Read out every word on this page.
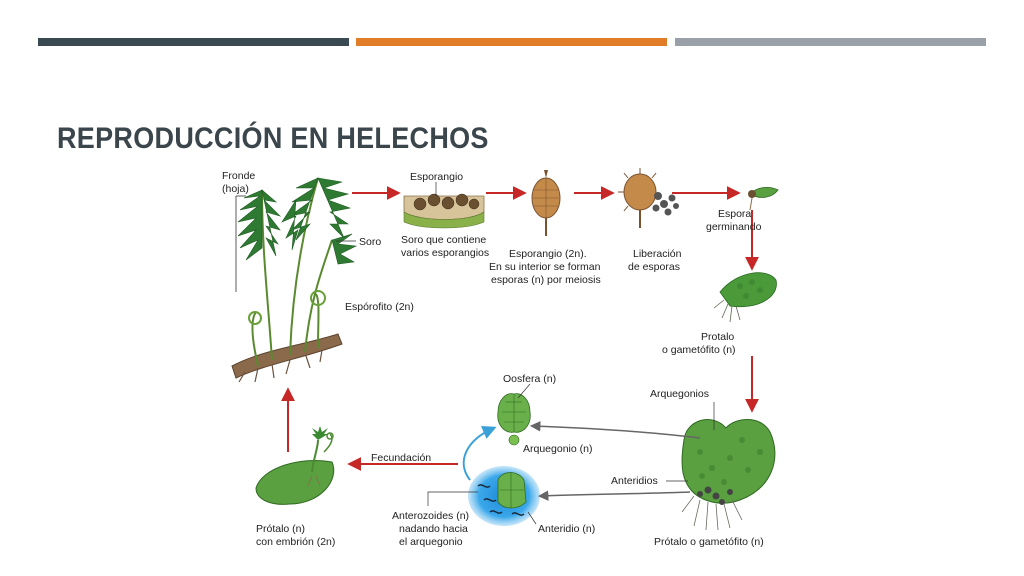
REPRODUCCIÓN EN HELECHOS
Fronde
(hoja)
Soro
Espórofito (2n)
Esporangio
Soro que contiene
varios esporangios Esporangio (2n).
En su interior se forman
esporas (n) por meiosis
Liberación
de esporas
Espora
germinando
Protalo
o gametófito (n)
Arquegonios
Oosfera (n)
Arquegonio (n)
Anteridios
Fecundación
Anterozoides (n)
nadando hacia
el arquegonio
Anteridio (n)
Prótalo o gametófito (n)
Prótalo (n)
con embrión (2n)
